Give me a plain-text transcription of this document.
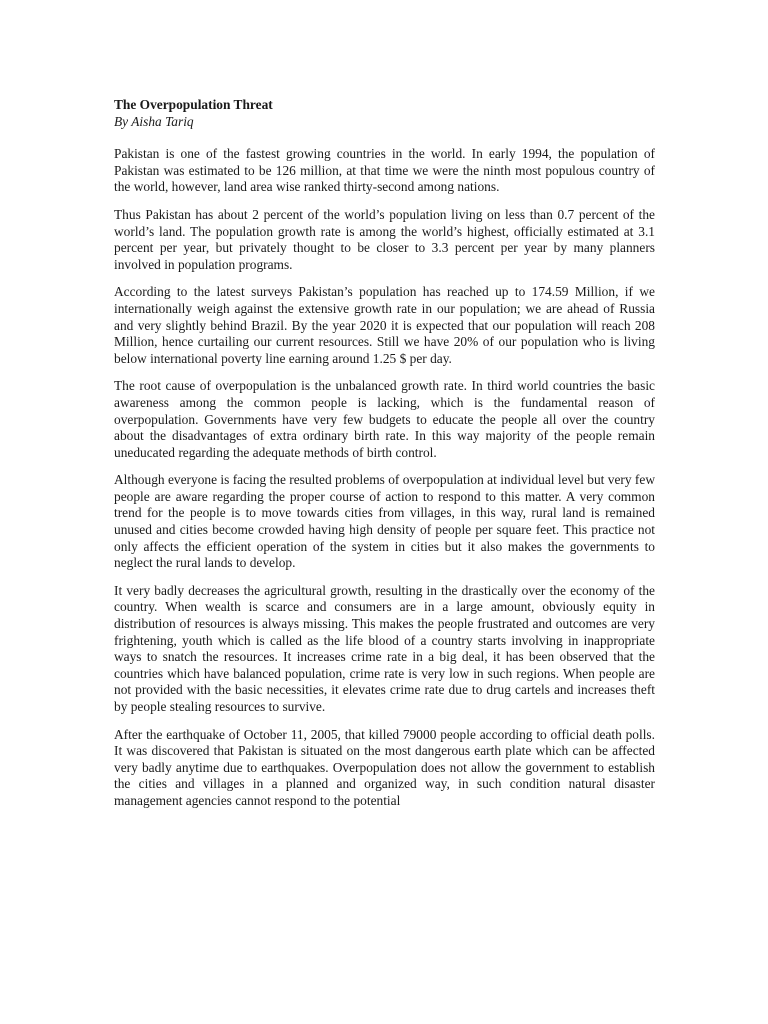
The Overpopulation Threat

By Aisha Tariq

Pakistan is one of the fastest growing countries in the world. In early 1994, the population of Pakistan was estimated to be 126 million, at that time we were the ninth most populous country of the world, however, land area wise ranked thirty-second among nations.

Thus Pakistan has about 2 percent of the world’s population living on less than 0.7 percent of the world’s land. The population growth rate is among the world’s highest, officially estimated at 3.1 percent per year, but privately thought to be closer to 3.3 percent per year by many planners involved in population programs.

According to the latest surveys Pakistan’s population has reached up to 174.59 Million, if we internationally weigh against the extensive growth rate in our population; we are ahead of Russia and very slightly behind Brazil. By the year 2020 it is expected that our population will reach 208 Million, hence curtailing our current resources. Still we have 20% of our population who is living below international poverty line earning around 1.25 $ per day.

The root cause of overpopulation is the unbalanced growth rate. In third world countries the basic awareness among the common people is lacking, which is the fundamental reason of overpopulation. Governments have very few budgets to educate the people all over the country about the disadvantages of extra ordinary birth rate. In this way majority of the people remain uneducated regarding the adequate methods of birth control.

Although everyone is facing the resulted problems of overpopulation at individual level but very few people are aware regarding the proper course of action to respond to this matter. A very common trend for the people is to move towards cities from villages, in this way, rural land is remained unused and cities become crowded having high density of people per square feet. This practice not only affects the efficient operation of the system in cities but it also makes the governments to neglect the rural lands to develop.

It very badly decreases the agricultural growth, resulting in the drastically over the economy of the country. When wealth is scarce and consumers are in a large amount, obviously equity in distribution of resources is always missing. This makes the people frustrated and outcomes are very frightening, youth which is called as the life blood of a country starts involving in inappropriate ways to snatch the resources. It increases crime rate in a big deal, it has been observed that the countries which have balanced population, crime rate is very low in such regions. When people are not provided with the basic necessities, it elevates crime rate due to drug cartels and increases theft by people stealing resources to survive.

After the earthquake of October 11, 2005, that killed 79000 people according to official death polls. It was discovered that Pakistan is situated on the most dangerous earth plate which can be affected very badly anytime due to earthquakes. Overpopulation does not allow the government to establish the cities and villages in a planned and organized way, in such condition natural disaster management agencies cannot respond to the potential
